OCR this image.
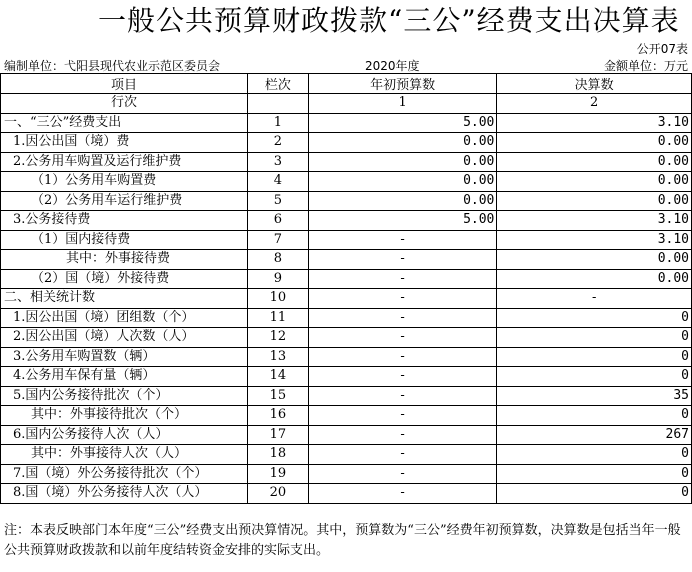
一般公共预算财政拨款“三公”经费支出决算表
公开07表
编制单位：弋阳县现代农业示范区委员会	2020年度	金额单位：万元
项目	栏次	年初预算数	决算数
行次		1	2
一、“三公”经费支出	1	5.00	3.10
1.因公出国（境）费	2	0.00	0.00
2.公务用车购置及运行维护费	3	0.00	0.00
（1）公务用车购置费	4	0.00	0.00
（2）公务用车运行维护费	5	0.00	0.00
3.公务接待费	6	5.00	3.10
（1）国内接待费	7	-	3.10
其中：外事接待费	8	-	0.00
（2）国（境）外接待费	9	-	0.00
二、相关统计数	10	-	-
1.因公出国（境）团组数（个）	11	-	0
2.因公出国（境）人次数（人）	12	-	0
3.公务用车购置数（辆）	13	-	0
4.公务用车保有量（辆）	14	-	0
5.国内公务接待批次（个）	15	-	35
其中：外事接待批次（个）	16	-	0
6.国内公务接待人次（人）	17	-	267
其中：外事接待人次（人）	18	-	0
7.国（境）外公务接待批次（个）	19	-	0
8.国（境）外公务接待人次（人）	20	-	0
注：本表反映部门本年度“三公”经费支出预决算情况。其中，预算数为“三公”经费年初预算数，决算数是包括当年一般公共预算财政拨款和以前年度结转资金安排的实际支出。
